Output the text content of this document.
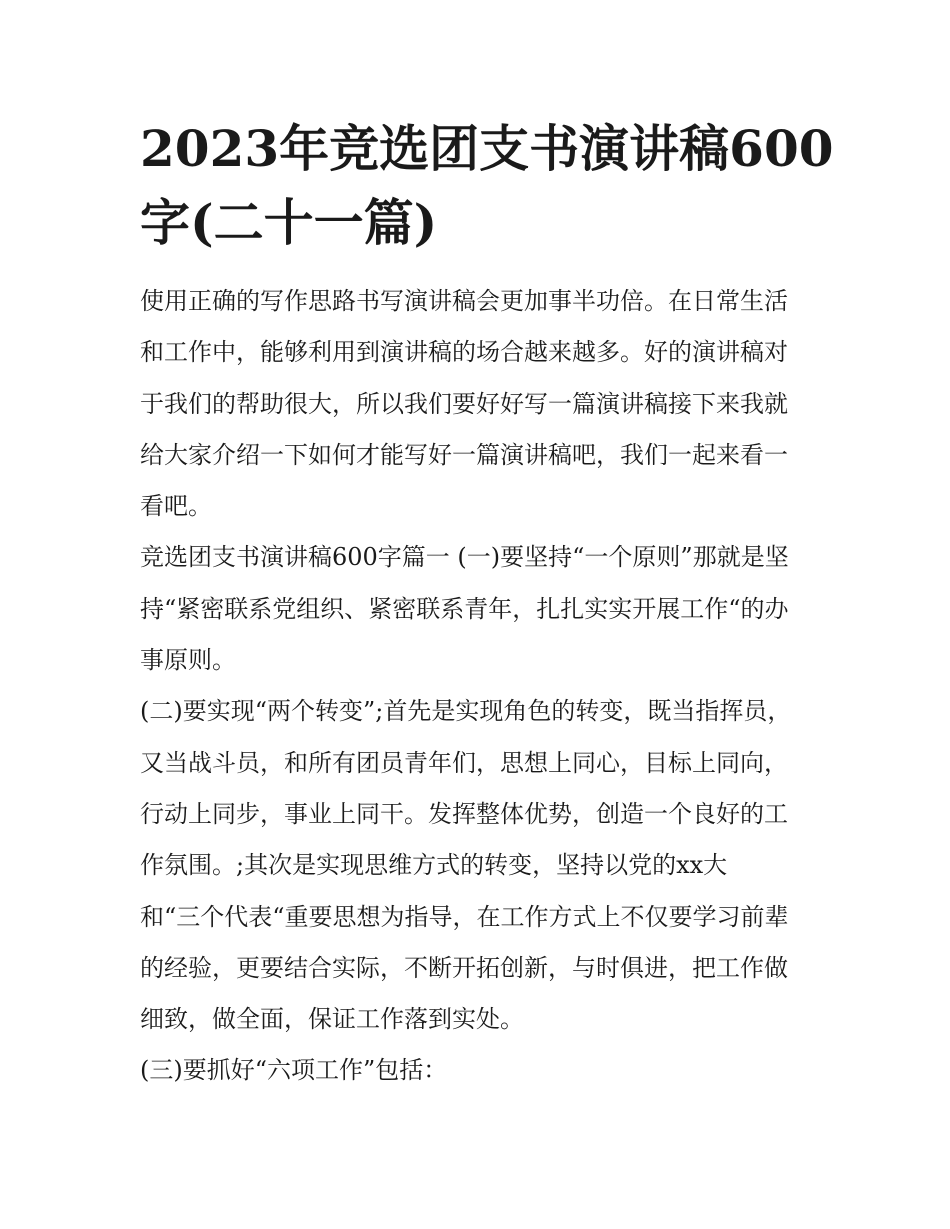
2023年竞选团支书演讲稿600
字(二十一篇)
使用正确的写作思路书写演讲稿会更加事半功倍。在日常生活
和工作中，能够利用到演讲稿的场合越来越多。好的演讲稿对
于我们的帮助很大，所以我们要好好写一篇演讲稿接下来我就
给大家介绍一下如何才能写好一篇演讲稿吧，我们一起来看一
看吧。
竞选团支书演讲稿600字篇一 (一)要坚持“一个原则”那就是坚
持“紧密联系党组织、紧密联系青年，扎扎实实开展工作“的办
事原则。
(二)要实现“两个转变”;首先是实现角色的转变，既当指挥员，
又当战斗员，和所有团员青年们，思想上同心，目标上同向，
行动上同步，事业上同干。发挥整体优势，创造一个良好的工
作氛围。;其次是实现思维方式的转变，坚持以党的xx大
和“三个代表“重要思想为指导，在工作方式上不仅要学习前辈
的经验，更要结合实际，不断开拓创新，与时俱进，把工作做
细致，做全面，保证工作落到实处。
(三)要抓好“六项工作”包括：
